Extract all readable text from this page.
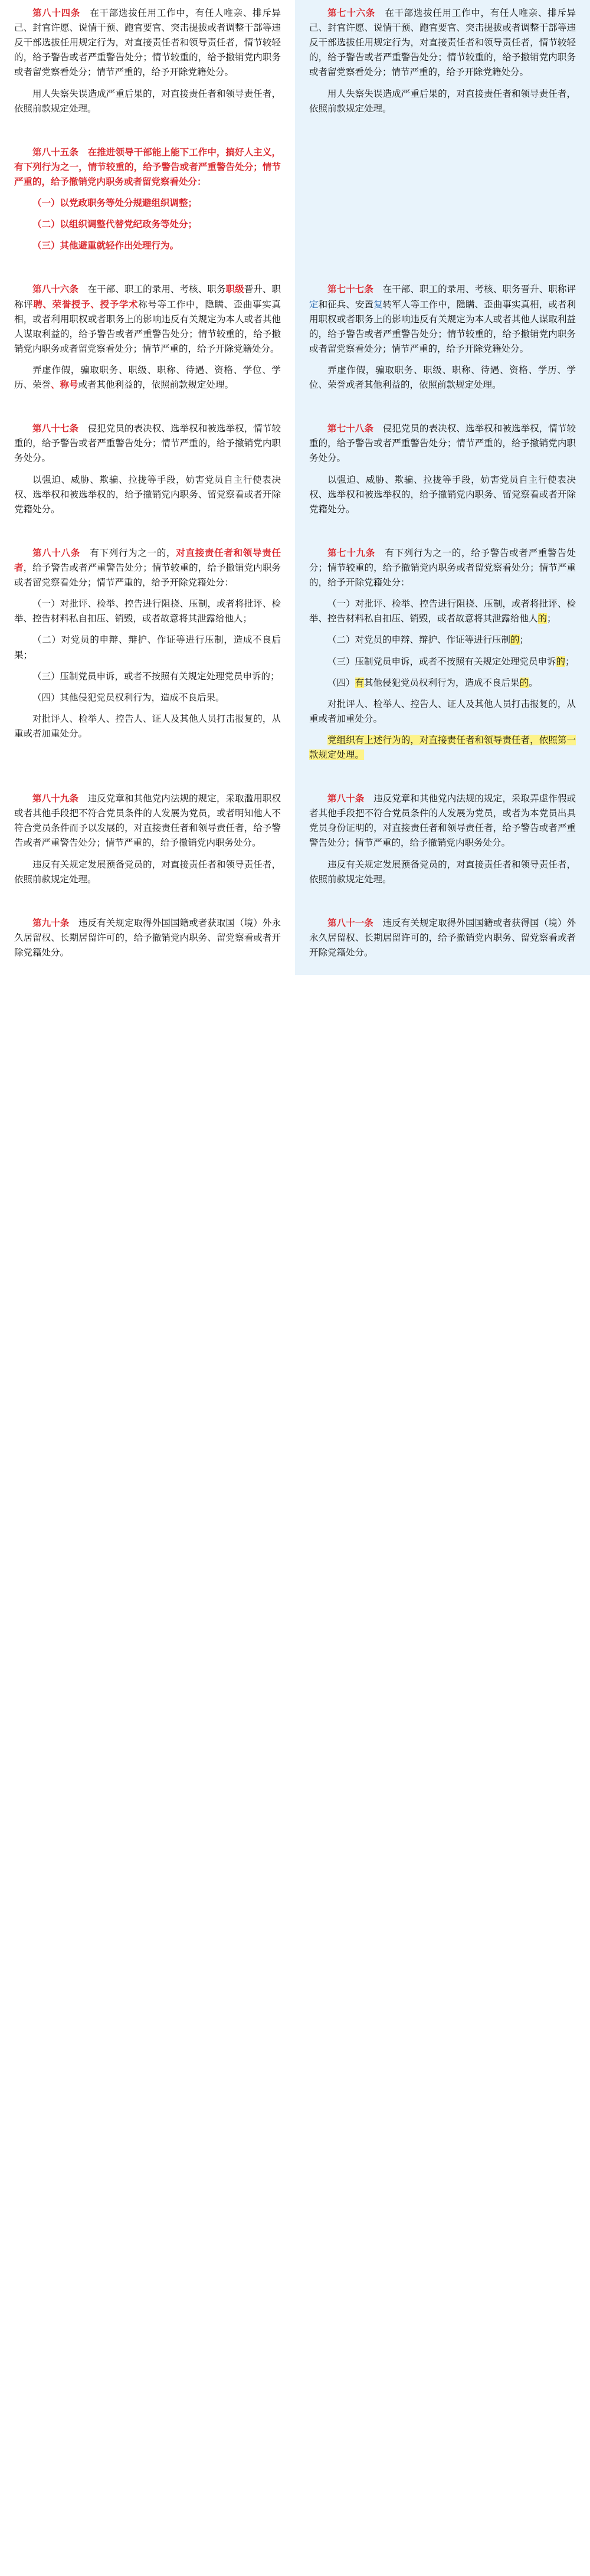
第八十四条　在干部选拔任用工作中，有任人唯亲、排斥异己、封官许愿、说情干预、跑官要官、突击提拔或者调整干部等违反干部选拔任用规定行为，对直接责任者和领导责任者，情节较轻的，给予警告或者严重警告处分；情节较重的，给予撤销党内职务或者留党察看处分；情节严重的，给予开除党籍处分。

用人失察失误造成严重后果的，对直接责任者和领导责任者，依照前款规定处理。

第七十六条　在干部选拔任用工作中，有任人唯亲、排斥异己、封官许愿、说情干预、跑官要官、突击提拔或者调整干部等违反干部选拔任用规定行为，对直接责任者和领导责任者，情节较轻的，给予警告或者严重警告处分；情节较重的，给予撤销党内职务或者留党察看处分；情节严重的，给予开除党籍处分。

用人失察失误造成严重后果的，对直接责任者和领导责任者，依照前款规定处理。

第八十五条　 在推进领导干部能上能下工作中，搞好人主义，有下列行为之一，情节较重的，给予警告或者严重警告处分；情节严重的，给予撤销党内职务或者留党察看处分：

（一）以党政职务等处分规避组织调整；

（二）以组织调整代替党纪政务等处分；

（三）其他避重就轻作出处理行为。

第八十六条　在干部、职工的录用、考核、职务职级晋升、职称评聘、荣誉授予、授予学术称号等工作中，隐瞒、歪曲事实真相，或者利用职权或者职务上的影响违反有关规定为本人或者其他人谋取利益的，给予警告或者严重警告处分；情节较重的，给予撤销党内职务或者留党察看处分；情节严重的，给予开除党籍处分。

弄虚作假，骗取职务、职级、职称、待遇、资格、学位、学历、荣誉、称号或者其他利益的，依照前款规定处理。

第七十七条　在干部、职工的录用、考核、职务晋升、职称评定和征兵、安置复转军人等工作中，隐瞒、歪曲事实真相，或者利用职权或者职务上的影响违反有关规定为本人或者其他人谋取利益的，给予警告或者严重警告处分；情节较重的，给予撤销党内职务或者留党察看处分；情节严重的，给予开除党籍处分。

弄虚作假，骗取职务、职级、职称、待遇、资格、学历、学位、荣誉或者其他利益的，依照前款规定处理。

第八十七条　侵犯党员的表决权、选举权和被选举权，情节较重的，给予警告或者严重警告处分；情节严重的，给予撤销党内职务处分。

以强迫、威胁、欺骗、拉拢等手段，妨害党员自主行使表决权、选举权和被选举权的，给予撤销党内职务、留党察看或者开除党籍处分。

第七十八条　侵犯党员的表决权、选举权和被选举权，情节较重的，给予警告或者严重警告处分；情节严重的，给予撤销党内职务处分。

以强迫、威胁、欺骗、拉拢等手段，妨害党员自主行使表决权、选举权和被选举权的，给予撤销党内职务、留党察看或者开除党籍处分。

第八十八条　有下列行为之一的，对直接责任者和领导责任者，给予警告或者严重警告处分；情节较重的，给予撤销党内职务或者留党察看处分；情节严重的，给予开除党籍处分：

（一）对批评、检举、控告进行阻挠、压制，或者将批评、检举、控告材料私自扣压、销毁，或者故意将其泄露给他人；

（二）对党员的申辩、辩护、作证等进行压制，造成不良后果；

（三）压制党员申诉，或者不按照有关规定处理党员申诉的；

（四）其他侵犯党员权利行为，造成不良后果。

对批评人、检举人、控告人、证人及其他人员打击报复的，从重或者加重处分。

第七十九条　有下列行为之一的，给予警告或者严重警告处分；情节较重的，给予撤销党内职务或者留党察看处分；情节严重的，给予开除党籍处分：

（一）对批评、检举、控告进行阻挠、压制，或者将批评、检举、控告材料私自扣压、销毁，或者故意将其泄露给他人的；

（二）对党员的申辩、辩护、作证等进行压制的；

（三）压制党员申诉，或者不按照有关规定处理党员申诉的；

（四）有其他侵犯党员权利行为，造成不良后果的。

对批评人、检举人、控告人、证人及其他人员打击报复的，从重或者加重处分。

党组织有上述行为的，对直接责任者和领导责任者，依照第一款规定处理。

第八十九条　违反党章和其他党内法规的规定，采取滥用职权或者其他手段把不符合党员条件的人发展为党员，或者明知他人不符合党员条件而予以发展的，对直接责任者和领导责任者，给予警告或者严重警告处分；情节严重的，给予撤销党内职务处分。

违反有关规定发展预备党员的，对直接责任者和领导责任者，依照前款规定处理。

第八十条　违反党章和其他党内法规的规定，采取弄虚作假或者其他手段把不符合党员条件的人发展为党员，或者为本党员出具党员身份证明的，对直接责任者和领导责任者，给予警告或者严重警告处分；情节严重的，给予撤销党内职务处分。

违反有关规定发展预备党员的，对直接责任者和领导责任者，依照前款规定处理。

第九十条　违反有关规定取得外国国籍或者获取国（境）外永久居留权、长期居留许可的，给予撤销党内职务、留党察看或者开除党籍处分。

第八十一条　违反有关规定取得外国国籍或者获得国（境）外永久居留权、长期居留许可的，给予撤销党内职务、留党察看或者开除党籍处分。
